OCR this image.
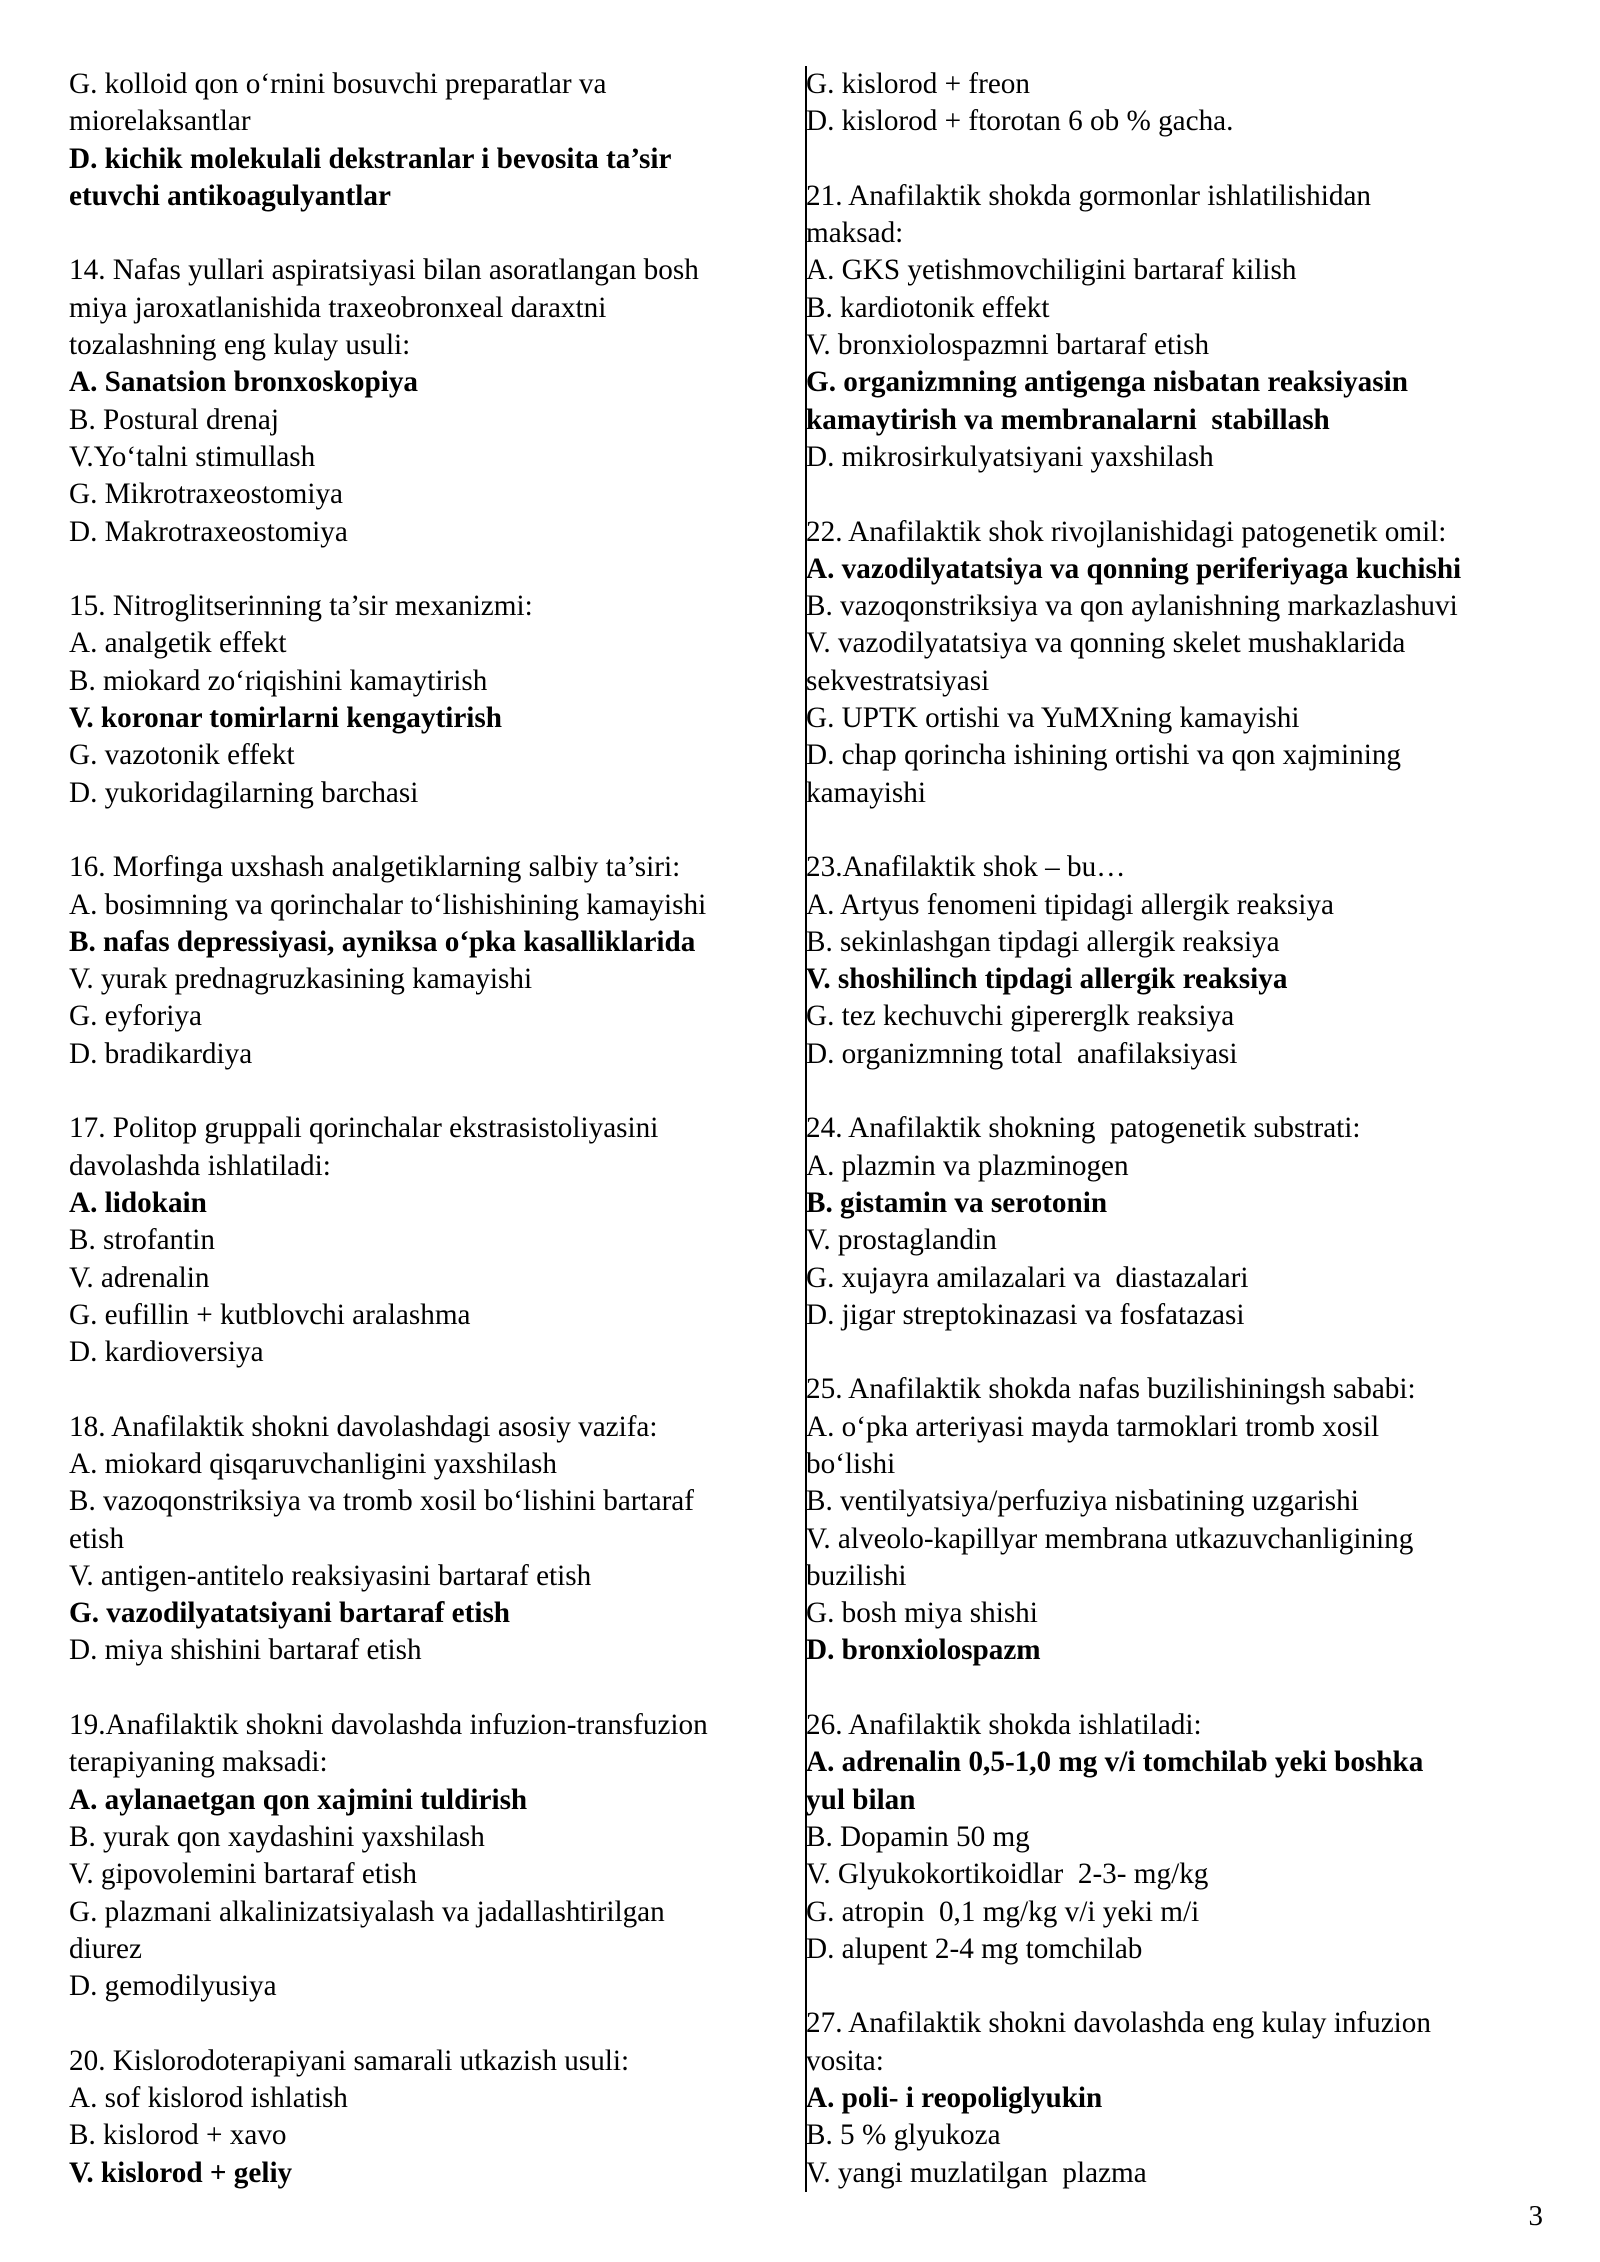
G. kolloid qon o‘rnini bosuvchi preparatlar va
miorelaksantlar
D. kichik molekulali dekstranlar i bevosita ta’sir
etuvchi antikoagulyantlar
14. Nafas yullari aspiratsiyasi bilan asoratlangan bosh
miya jaroxatlanishida traxeobronxeal daraxtni
tozalashning eng kulay usuli:
A. Sanatsion bronxoskopiya
B. Postural drenaj
V.Yo‘talni stimullash
G. Mikrotraxeostomiya
D. Makrotraxeostomiya
15. Nitroglitserinning ta’sir mexanizmi:
A. analgetik effekt
B. miokard zo‘riqishini kamaytirish
V. koronar tomirlarni kengaytirish
G. vazotonik effekt
D. yukoridagilarning barchasi
16. Morfinga uxshash analgetiklarning salbiy ta’siri:
A. bosimning va qorinchalar to‘lishishining kamayishi
B. nafas depressiyasi, ayniksa o‘pka kasalliklarida
V. yurak prednagruzkasining kamayishi
G. eyforiya
D. bradikardiya
17. Politop gruppali qorinchalar ekstrasistoliyasini
davolashda ishlatiladi:
A. lidokain
B. strofantin
V. adrenalin
G. eufillin + kutblovchi aralashma
D. kardioversiya
18. Anafilaktik shokni davolashdagi asosiy vazifa:
A. miokard qisqaruvchanligini yaxshilash
B. vazoqonstriksiya va tromb xosil bo‘lishini bartaraf
etish
V. antigen-antitelo reaksiyasini bartaraf etish
G. vazodilyatatsiyani bartaraf etish
D. miya shishini bartaraf etish
19.Anafilaktik shokni davolashda infuzion-transfuzion
terapiyaning maksadi:
A. aylanaetgan qon xajmini tuldirish
B. yurak qon xaydashini yaxshilash
V. gipovolemini bartaraf etish
G. plazmani alkalinizatsiyalash va jadallashtirilgan
diurez
D. gemodilyusiya
20. Kislorodoterapiyani samarali utkazish usuli:
A. sof kislorod ishlatish
B. kislorod + xavo
V. kislorod + geliy
G. kislorod + freon
D. kislorod + ftorotan 6 ob % gacha.
21. Anafilaktik shokda gormonlar ishlatilishidan
maksad:
A. GKS yetishmovchiligini bartaraf kilish
B. kardiotonik effekt
V. bronxiolospazmni bartaraf etish
G. organizmning antigenga nisbatan reaksiyasin
kamaytirish va membranalarni  stabillash
D. mikrosirkulyatsiyani yaxshilash
22. Anafilaktik shok rivojlanishidagi patogenetik omil:
A. vazodilyatatsiya va qonning periferiyaga kuchishi
B. vazoqonstriksiya va qon aylanishning markazlashuvi
V. vazodilyatatsiya va qonning skelet mushaklarida
sekvestratsiyasi
G. UPTK ortishi va YuMXning kamayishi
D. chap qorincha ishining ortishi va qon xajmining
kamayishi
23.Anafilaktik shok – bu…
A. Artyus fenomeni tipidagi allergik reaksiya
B. sekinlashgan tipdagi allergik reaksiya
V. shoshilinch tipdagi allergik reaksiya
G. tez kechuvchi gipererglk reaksiya
D. organizmning total  anafilaksiyasi
24. Anafilaktik shokning  patogenetik substrati:
A. plazmin va plazminogen
B. gistamin va serotonin
V. prostaglandin
G. xujayra amilazalari va  diastazalari
D. jigar streptokinazasi va fosfatazasi
25. Anafilaktik shokda nafas buzilishiningsh sababi:
A. o‘pka arteriyasi mayda tarmoklari tromb xosil
bo‘lishi
B. ventilyatsiya/perfuziya nisbatining uzgarishi
V. alveolo-kapillyar membrana utkazuvchanligining
buzilishi
G. bosh miya shishi
D. bronxiolospazm
26. Anafilaktik shokda ishlatiladi:
A. adrenalin 0,5-1,0 mg v/i tomchilab yeki boshka
yul bilan
B. Dopamin 50 mg
V. Glyukokortikoidlar  2-3- mg/kg
G. atropin  0,1 mg/kg v/i yeki m/i
D. alupent 2-4 mg tomchilab
27. Anafilaktik shokni davolashda eng kulay infuzion
vosita:
A. poli- i reopoliglyukin
B. 5 % glyukoza
V. yangi muzlatilgan  plazma
3
